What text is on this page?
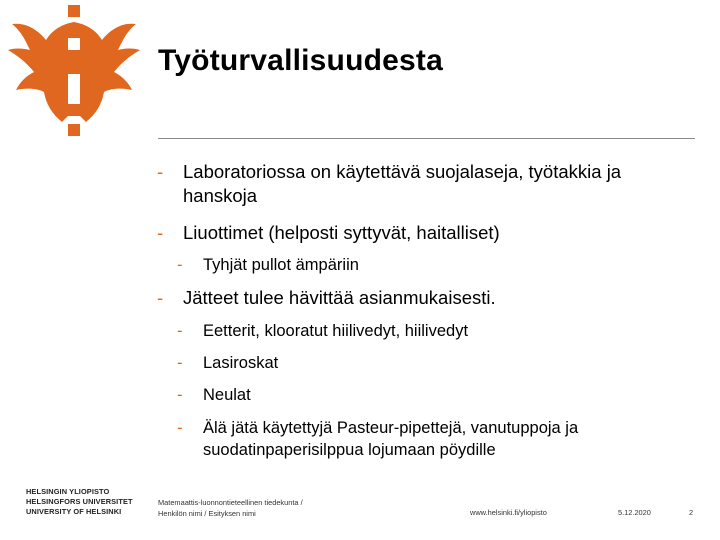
Työturvallisuudesta
- Laboratoriossa on käytettävä suojalaseja, työtakkia ja hanskoja
- Liuottimet (helposti syttyvät, haitalliset)
- Tyhjät pullot ämpäriin
- Jätteet tulee hävittää asianmukaisesti.
- Eetterit, klooratut hiilivedyt, hiilivedyt
- Lasiroskat
- Neulat
- Älä jätä käytettyjä Pasteur-pipettejä, vanutuppoja ja suodatinpaperisilppua lojumaan pöydille
HELSINGIN YLIOPISTO
HELSINGFORS UNIVERSITET
UNIVERSITY OF HELSINKI
Matemaattis-luonnontieteellinen tiedekunta /
Henkilön nimi / Esityksen nimi	www.helsinki.fi/yliopisto	5.12.2020	2
